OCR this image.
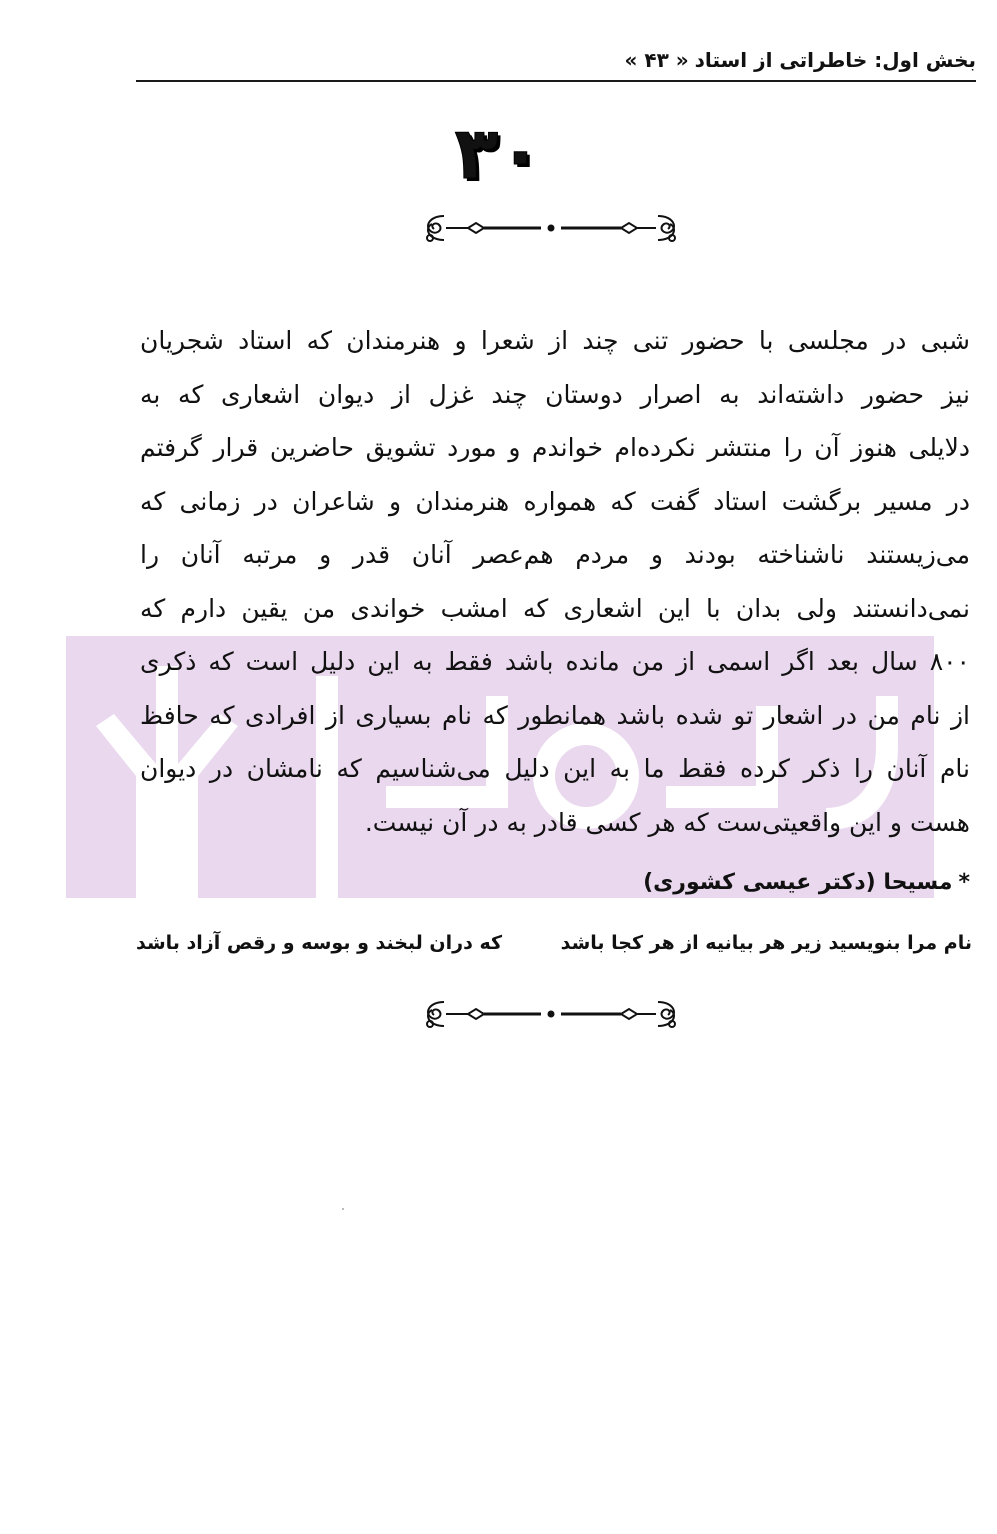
بخش اول: خاطراتی از استاد
« ۴۳ »
۳۰
شبی در مجلسی با حضور تنی چند از شعرا و هنرمندان که استاد شجریان
نیز حضور داشته‌اند به اصرار دوستان چند غزل از دیوان اشعاری که به
دلایلی هنوز آن را منتشر نکرده‌ام خواندم و مورد تشویق حاضرین قرار گرفتم
در مسیر برگشت استاد گفت که همواره هنرمندان و شاعران در زمانی که
می‌زیستند ناشناخته بودند و مردم هم‌عصر آنان قدر و مرتبه آنان را
نمی‌دانستند ولی بدان با این اشعاری که امشب خواندی من یقین دارم که
۸۰۰ سال بعد اگر اسمی از من مانده باشد فقط به این دلیل است که ذکری
از نام من در اشعار تو شده باشد همانطور که نام بسیاری از افرادی که حافظ
نام آنان را ذکر کرده فقط ما به این دلیل می‌شناسیم که نامشان در دیوان
هست و این واقعیتی‌ست که هر کسی قادر به در آن نیست.
*مسیحا (دکتر عیسی کشوری)
نام مرا بنویسید زیر هر بیانیه از هر کجا باشد
که دران لبخند و بوسه و رقص آزاد باشد
